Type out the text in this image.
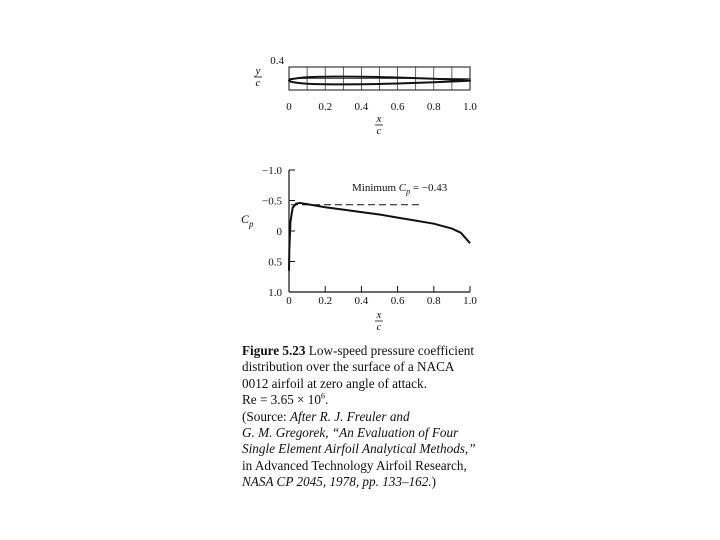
0 0.2 0.4 0.6 0.8 1.0
0.4
y
c
x
c
−1.0
−0.5
0
0.5
1.0
0 0.2 0.4 0.6 0.8 1.0
$C_p$
x
c
Minimum $C_p = -0.43$
Figure 5.23 Low-speed pressure coefficient
distribution over the surface of a NACA
0012 airfoil at zero angle of attack.
$Re = 3.65 \times 10^6$.
(Source: After R. J. Freuler and
G. M. Gregorek, “An Evaluation of Four
Single Element Airfoil Analytical Methods,”
in Advanced Technology Airfoil Research,
NASA CP 2045, 1978, pp. 133–162.)
